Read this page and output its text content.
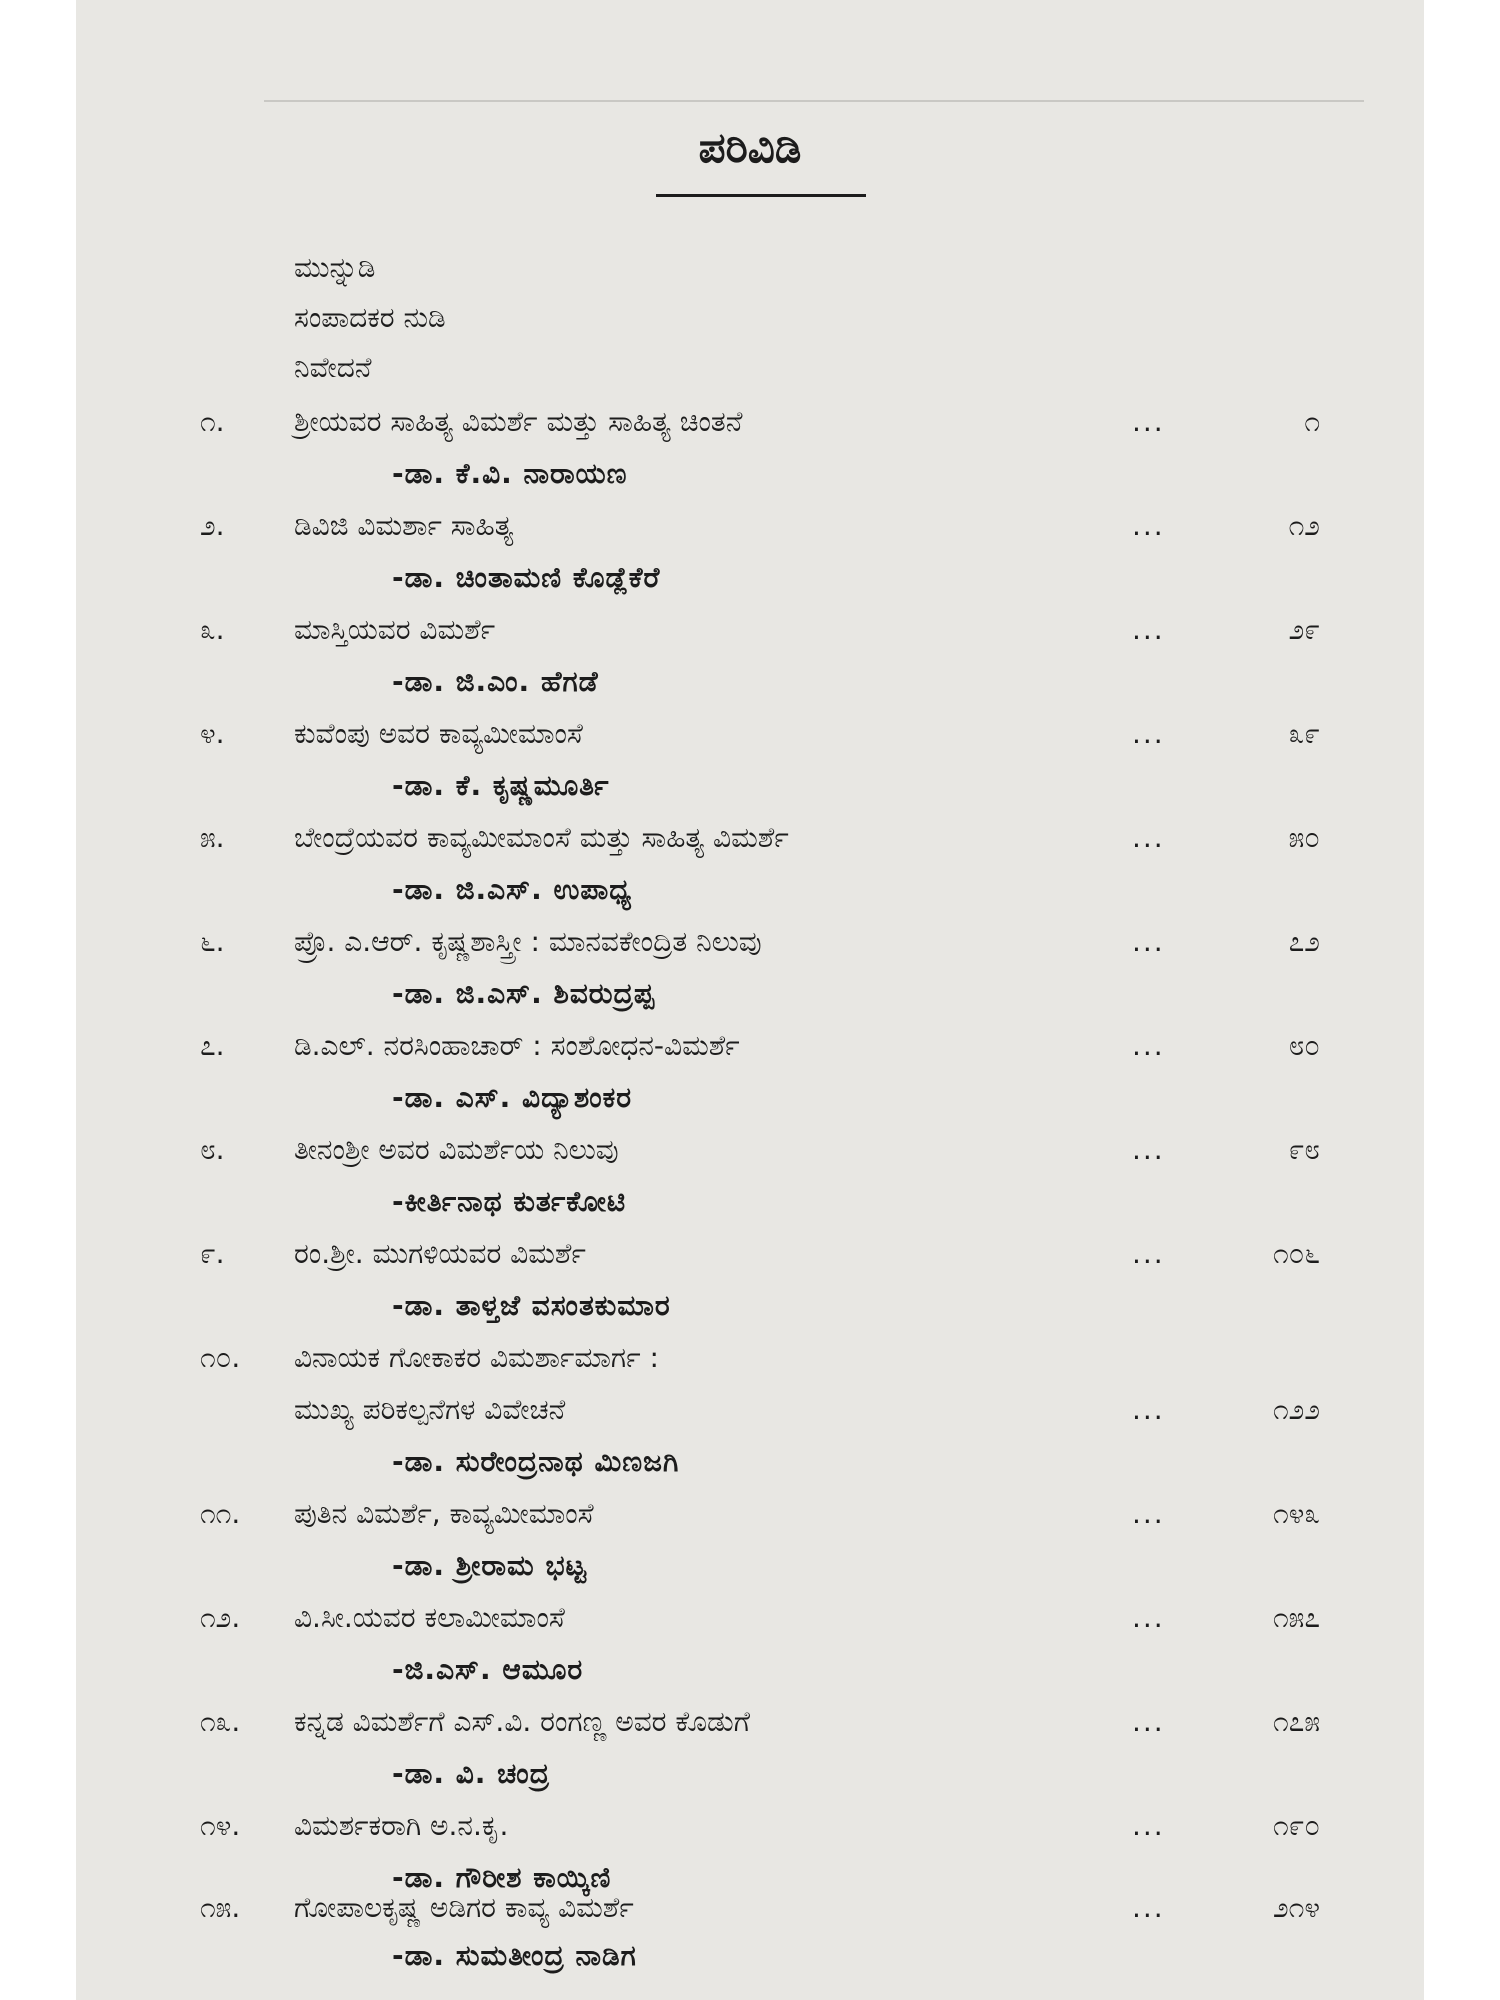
ಪರಿವಿಡಿ
ಮುನ್ನುಡಿ
ಸಂಪಾದಕರ ನುಡಿ
ನಿವೇದನೆ
೧. ಶ್ರೀಯವರ ಸಾಹಿತ್ಯ ವಿಮರ್ಶೆ ಮತ್ತು ಸಾಹಿತ್ಯ ಚಿಂತನೆ	...	೧
-ಡಾ. ಕೆ.ವಿ. ನಾರಾಯಣ
೨. ಡಿವಿಜಿ ವಿಮರ್ಶಾ ಸಾಹಿತ್ಯ	...	೧೨
-ಡಾ. ಚಿಂತಾಮಣಿ ಕೊಡ್ಲೆಕೆರೆ
೩. ಮಾಸ್ತಿಯವರ ವಿಮರ್ಶೆ	...	೨೯
-ಡಾ. ಜಿ.ಎಂ. ಹೆಗಡೆ
೪. ಕುವೆಂಪು ಅವರ ಕಾವ್ಯಮೀಮಾಂಸೆ	...	೩೯
-ಡಾ. ಕೆ. ಕೃಷ್ಣಮೂರ್ತಿ
೫. ಬೇಂದ್ರೆಯವರ ಕಾವ್ಯಮೀಮಾಂಸೆ ಮತ್ತು ಸಾಹಿತ್ಯ ವಿಮರ್ಶೆ	...	೫೦
-ಡಾ. ಜಿ.ಎಸ್. ಉಪಾಧ್ಯ
೬. ಪ್ರೊ. ಎ.ಆರ್. ಕೃಷ್ಣಶಾಸ್ತ್ರೀ : ಮಾನವಕೇಂದ್ರಿತ ನಿಲುವು	...	೭೨
-ಡಾ. ಜಿ.ಎಸ್. ಶಿವರುದ್ರಪ್ಪ
೭. ಡಿ.ಎಲ್. ನರಸಿಂಹಾಚಾರ್ : ಸಂಶೋಧನ-ವಿಮರ್ಶೆ	...	೮೦
-ಡಾ. ಎಸ್. ವಿದ್ಯಾಶಂಕರ
೮. ತೀನಂಶ್ರೀ ಅವರ ವಿಮರ್ಶೆಯ ನಿಲುವು	...	೯೮
-ಕೀರ್ತಿನಾಥ ಕುರ್ತಕೋಟಿ
೯. ರಂ.ಶ್ರೀ. ಮುಗಳಿಯವರ ವಿಮರ್ಶೆ	...	೧೦೬
-ಡಾ. ತಾಳ್ತಜೆ ವಸಂತಕುಮಾರ
೧೦. ವಿನಾಯಕ ಗೋಕಾಕರ ವಿಮರ್ಶಾಮಾರ್ಗ :
ಮುಖ್ಯ ಪರಿಕಲ್ಪನೆಗಳ ವಿವೇಚನೆ	...	೧೨೨
-ಡಾ. ಸುರೇಂದ್ರನಾಥ ಮಿಣಜಗಿ
೧೧. ಪುತಿನ ವಿಮರ್ಶೆ, ಕಾವ್ಯಮೀಮಾಂಸೆ	...	೧೪೩
-ಡಾ. ಶ್ರೀರಾಮ ಭಟ್ಟ
೧೨. ವಿ.ಸೀ.ಯವರ ಕಲಾಮೀಮಾಂಸೆ	...	೧೫೭
-ಜಿ.ಎಸ್. ಆಮೂರ
೧೩. ಕನ್ನಡ ವಿಮರ್ಶೆಗೆ ಎಸ್.ವಿ. ರಂಗಣ್ಣ ಅವರ ಕೊಡುಗೆ	...	೧೭೫
-ಡಾ. ವಿ. ಚಂದ್ರ
೧೪. ವಿಮರ್ಶಕರಾಗಿ ಅ.ನ.ಕೃ.	...	೧೯೦
-ಡಾ. ಗೌರೀಶ ಕಾಯ್ಕಿಣಿ
೧೫. ಗೋಪಾಲಕೃಷ್ಣ ಅಡಿಗರ ಕಾವ್ಯ ವಿಮರ್ಶೆ	...	೨೧೪
-ಡಾ. ಸುಮತೀಂದ್ರ ನಾಡಿಗ
